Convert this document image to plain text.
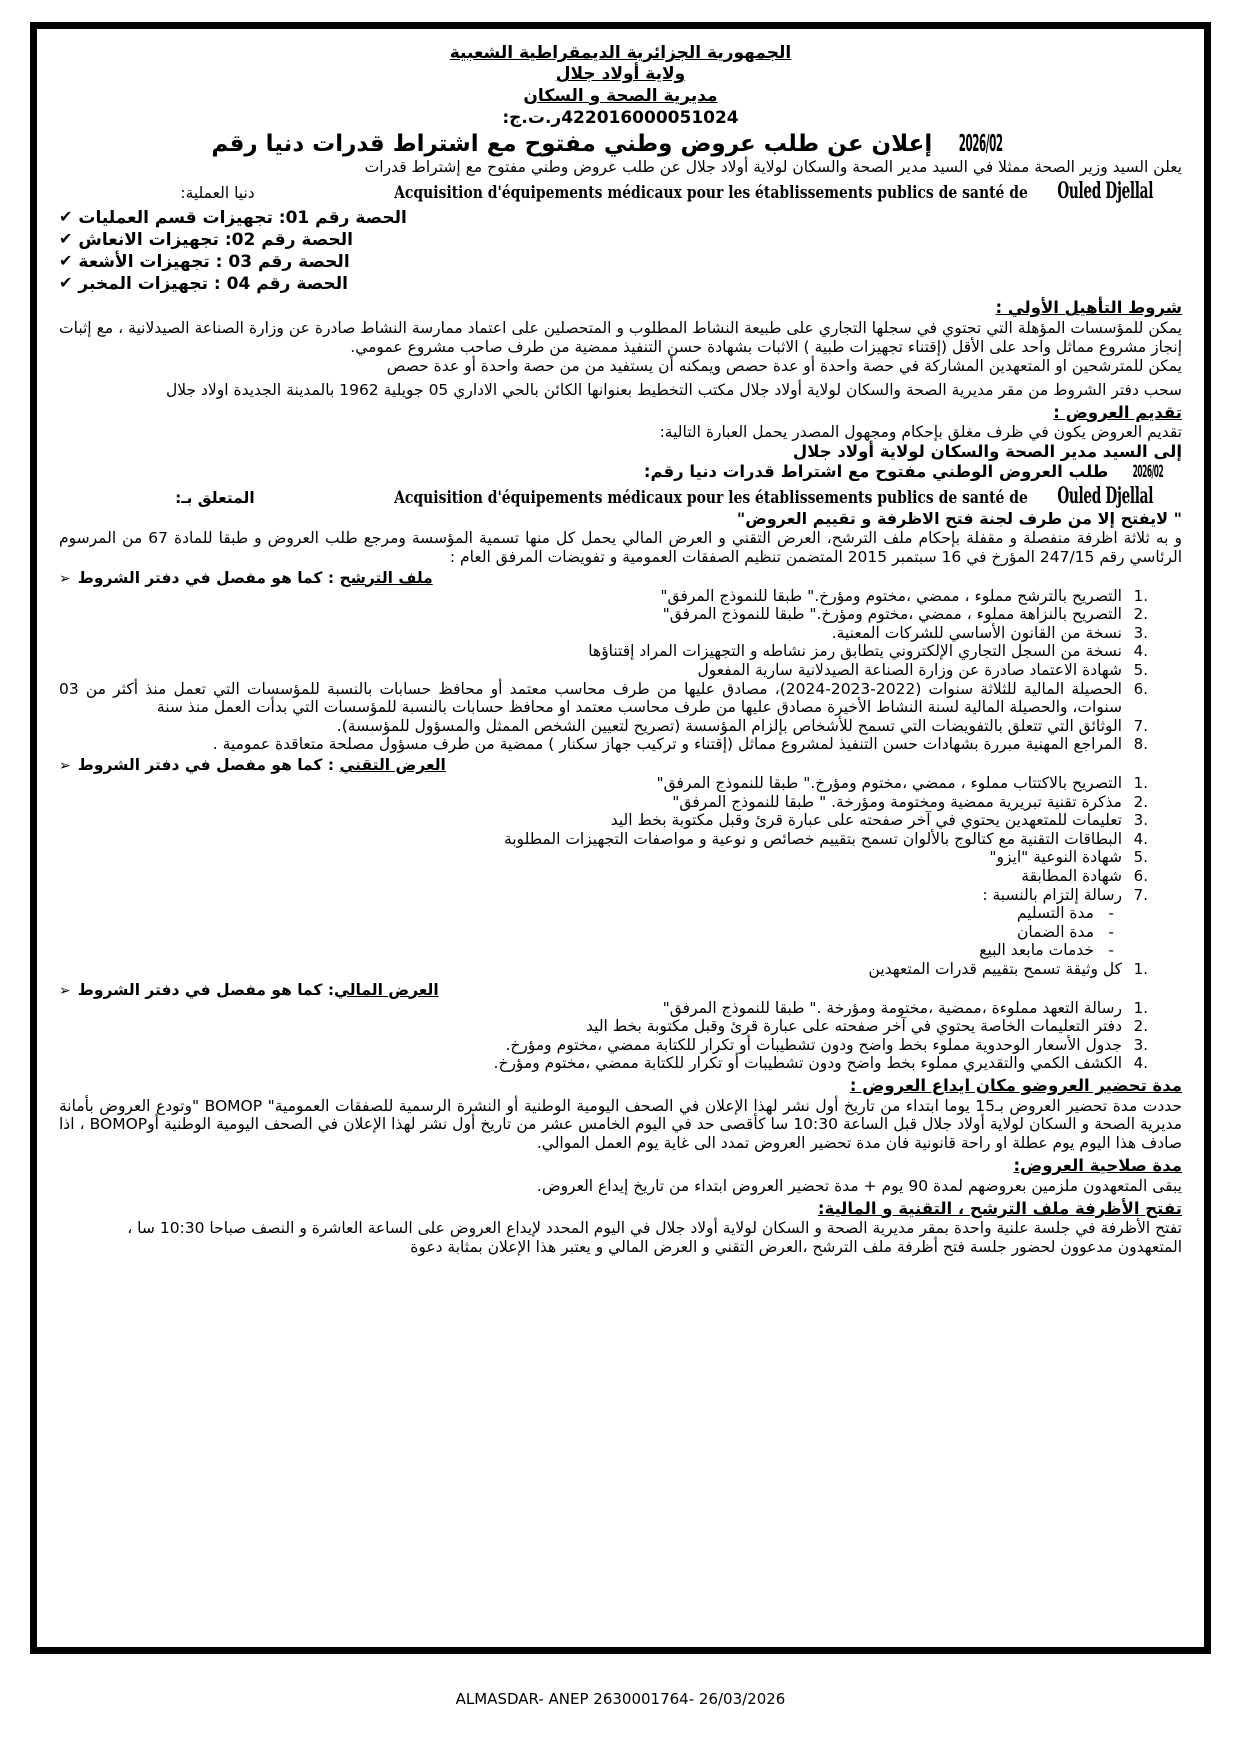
الجمهورية الجزائرية الديمقراطية الشعبية
ولاية أولاد جلال
مديرية الصحة و السكان
422016000051024ر.ت.ج:
2026/02إعلان عن طلب عروض وطني مفتوح مع اشتراط قدرات دنيا رقم
يعلن السيد وزير الصحة ممثلا في السيد مدير الصحة والسكان لولاية أولاد جلال عن طلب عروض وطني مفتوح مع إشتراط قدرات
Ouled DjellalAcquisition d'équipements médicaux pour les établissements publics de santé deدنيا العملية:
✔ الحصة رقم 01: تجهيزات قسم العمليات
✔ الحصة رقم 02: تجهيزات الانعاش
✔ الحصة رقم 03 : تجهيزات الأشعة
✔ الحصة رقم 04 : تجهيزات المخبر
شروط التأهيل الأولي :
يمكن للمؤسسات المؤهلة التي تحتوي في سجلها التجاري على طبيعة النشاط المطلوب و المتحصلين على اعتماد ممارسة النشاط صادرة عن وزارة الصناعة الصيدلانية ، مع إثبات إنجاز مشروع مماثل واحد على الأقل (إقتناء تجهيزات طبية ) الاثبات بشهادة حسن التنفيذ ممضية من طرف صاحب مشروع عمومي.
يمكن للمترشحين او المتعهدين المشاركة في حصة واحدة أو عدة حصص ويمكنه أن يستفيد من من حصة واحدة أو عدة حصص
سحب دفتر الشروط من مقر مديرية الصحة والسكان لولاية أولاد جلال مكتب التخطيط بعنوانها الكائن بالحي الاداري 05 جويلية 1962 بالمدينة الجديدة اولاد جلال
تقديم العروض :
تقديم العروض يكون في ظرف مغلق بإحكام ومجهول المصدر يحمل العبارة التالية:
إلى السيد مدير الصحة والسكان لولاية أولاد جلال
2026/02 طلب العروض الوطني مفتوح مع اشتراط قدرات دنيا رقم:
Ouled DjellalAcquisition d'équipements médicaux pour les établissements publics de santé deالمتعلق بـ:
" لايفتح إلا من طرف لجنة فتح الاظرفة و تقييم العروض"
و به ثلاثة اظرفة منفصلة و مقفلة بإحكام ملف الترشح، العرض التقني و العرض المالي يحمل كل منها تسمية المؤسسة ومرجع طلب العروض و طبقا للمادة 67 من المرسوم الرئاسي رقم 247/15 المؤرخ في 16 سبتمبر 2015 المتضمن تنظيم الصفقات العمومية و تفويضات المرفق العام :
➢	ملف الترشح : كما هو مفصل في دفتر الشروط
التصريح بالترشح مملوء ، ممضي ،مختوم ومؤرخ." طبقا للنموذج المرفق"
التصريح بالنزاهة مملوء ، ممضي ،مختوم ومؤرخ." طبقا للنموذج المرفق"
نسخة من القانون الأساسي للشركات المعنية.
نسخة من السجل التجاري الإلكتروني يتطابق رمز نشاطه و التجهيزات المراد إقتناؤها
شهادة الاعتماد صادرة عن وزارة الصناعة الصيدلانية سارية المفعول
الحصيلة المالية للثلاثة سنوات (2022-2023-2024)، مصادق عليها من طرف محاسب معتمد أو محافظ حسابات بالنسبة للمؤسسات التي تعمل منذ أكثر من 03 سنوات، والحصيلة المالية لسنة النشاط الأخيرة مصادق عليها من طرف محاسب معتمد او محافظ حسابات بالنسبة للمؤسسات التي بدأت العمل منذ سنة
الوثائق التي تتعلق بالتفويضات التي تسمح للأشخاص بإلزام المؤسسة (تصريح لتعيين الشخص الممثل والمسؤول للمؤسسة).
المراجع المهنية مبررة بشهادات حسن التنفيذ لمشروع مماثل (إقتناء و تركيب جهاز سكنار ) ممضية من طرف مسؤول مصلحة متعاقدة عمومية .
➢	العرض التقني : كما هو مفصل في دفتر الشروط
التصريح بالاكتتاب مملوء ، ممضي ،مختوم ومؤرخ." طبقا للنموذج المرفق"
مذكرة تقنية تبريرية ممضية ومختومة ومؤرخة. " طبقا للنموذج المرفق"
تعليمات للمتعهدين يحتوي في آخر صفحته على عبارة قرئ وقبل مكتوبة بخط اليد
البطاقات التقنية مع كتالوج بالألوان تسمح بتقييم خصائص و نوعية و مواصفات التجهيزات المطلوبة
شهادة النوعية "ايزو"
شهادة المطابقة
رسالة إلتزام بالنسبة :
- مدة التسليم
- مدة الضمان
- خدمات مابعد البيع
كل وثيقة تسمح بتقييم قدرات المتعهدين
➢	العرض المالي: كما هو مفصل في دفتر الشروط
رسالة التعهد مملوءة ،ممضية ،مختومة ومؤرخة ." طبقا للنموذج المرفق"
دفتر التعليمات الخاصة يحتوي في آخر صفحته على عبارة قرئ وقبل مكتوبة بخط اليد
جدول الأسعار الوحدوية مملوء بخط واضح ودون تشطيبات أو تكرار للكتابة ممضي ،مختوم ومؤرخ.
الكشف الكمي والتقديري مملوء بخط واضح ودون تشطيبات أو تكرار للكتابة ممضي ،مختوم ومؤرخ.
مدة تحضير العروضو مكان ايداع العروض :
حددت مدة تحضير العروض بـ15 يوما ابتداء من تاريخ أول نشر لهذا الإعلان في الصحف اليومية الوطنية أو النشرة الرسمية للصفقات العمومية" BOMOP "وتودع العروض بأمانة مديرية الصحة و السكان لولاية أولاد جلال قبل الساعة 10:30 سا كأقصى حد في اليوم الخامس عشر من تاريخ أول نشر لهذا الإعلان في الصحف اليومية الوطنية أوBOMOP ، اذا صادف هذا اليوم يوم عطلة او راحة قانونية فان مدة تحضير العروض تمدد الى غاية يوم العمل الموالي.
مدة صلاحية العروض:
يبقى المتعهدون ملزمين بعروضهم لمدة 90 يوم + مدة تحضير العروض ابتداء من تاريخ إيداع العروض.
تفتح الأظرفة ملف الترشح ، التقنية و المالية:
تفتح الأظرفة في جلسة علنية واحدة بمقر مديرية الصحة و السكان لولاية أولاد جلال في اليوم المحدد لإيداع العروض على الساعة العاشرة و النصف صباحا 10:30 سا ،
المتعهدون مدعوون لحضور جلسة فتح أظرفة ملف الترشح ،العرض التقني و العرض المالي و يعتبر هذا الإعلان بمثابة دعوة
ALMASDAR- ANEP 2630001764- 26/03/2026
